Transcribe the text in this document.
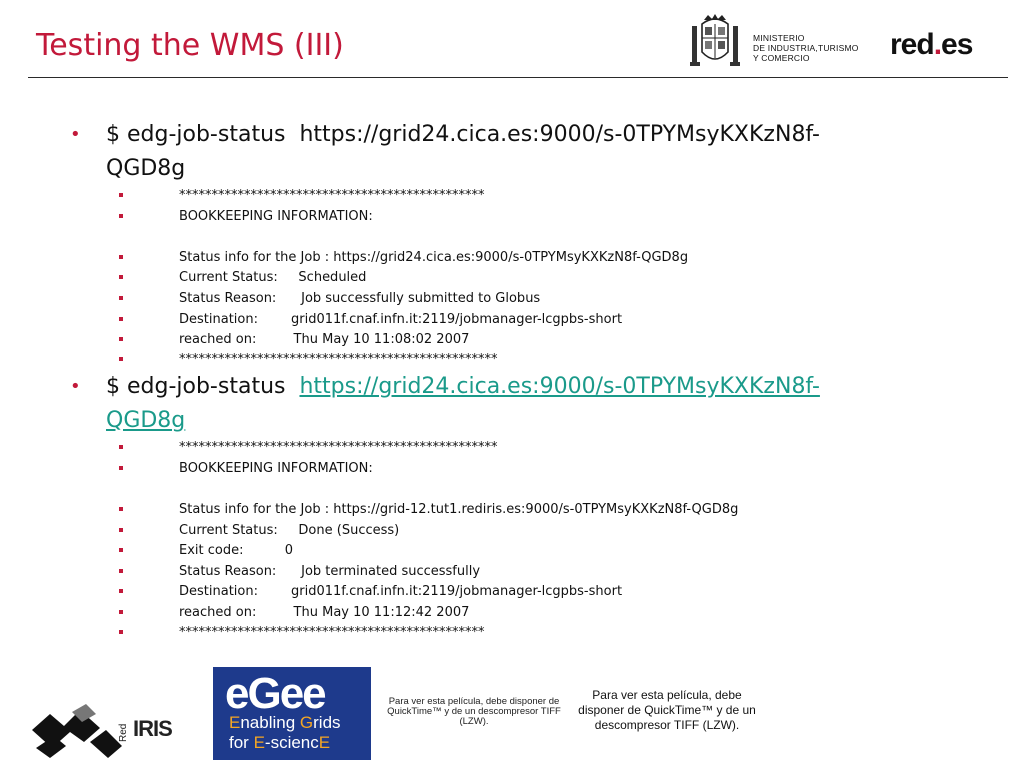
Testing the WMS (III)	MINISTERIO
DE INDUSTRIA,TURISMO
Y COMERCIO	red.es
• $ edg-job-status  https://grid24.cica.es:9000/s-0TPYMsyKXKzN8f-QGD8g
***********************************************
BOOKKEEPING INFORMATION:
Status info for the Job : https://grid24.cica.es:9000/s-0TPYMsyKXKzN8f-QGD8g
Current Status:     Scheduled
Status Reason:      Job successfully submitted to Globus
Destination:        grid011f.cnaf.infn.it:2119/jobmanager-lcgpbs-short
reached on:         Thu May 10 11:08:02 2007
*************************************************
• $ edg-job-status  https://grid24.cica.es:9000/s-0TPYMsyKXKzN8f-QGD8g
*************************************************
BOOKKEEPING INFORMATION:
Status info for the Job : https://grid-12.tut1.rediris.es:9000/s-0TPYMsyKXKzN8f-QGD8g
Current Status:     Done (Success)
Exit code:          0
Status Reason:      Job terminated successfully
Destination:        grid011f.cnaf.infn.it:2119/jobmanager-lcgpbs-short
reached on:         Thu May 10 11:12:42 2007
***********************************************
Red IRIS
eGee
Enabling Grids
for E-sciencE
Para ver esta película, debe disponer de QuickTime™ y de un descompresor TIFF (LZW).
Para ver esta película, debe disponer de QuickTime™ y de un descompresor TIFF (LZW).
